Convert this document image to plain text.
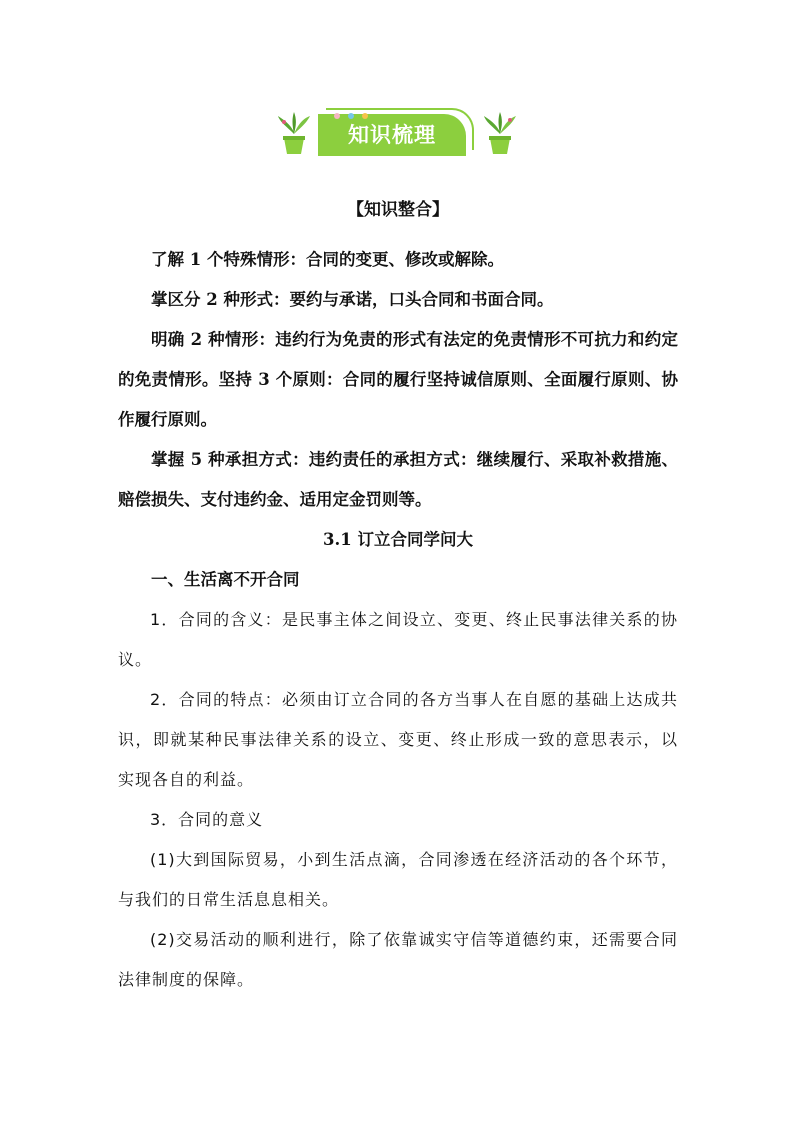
知识梳理

【知识整合】

了解 1 个特殊情形：合同的变更、修改或解除。

掌区分 2 种形式：要约与承诺，口头合同和书面合同。

明确 2 种情形：违约行为免责的形式有法定的免责情形不可抗力和约定的免责情形。坚持 3 个原则：合同的履行坚持诚信原则、全面履行原则、协作履行原则。

掌握 5 种承担方式：违约责任的承担方式：继续履行、采取补救措施、赔偿损失、支付违约金、适用定金罚则等。

3.1 订立合同学问大

一、生活离不开合同

1．合同的含义：是民事主体之间设立、变更、终止民事法律关系的协议。

2．合同的特点：必须由订立合同的各方当事人在自愿的基础上达成共识，即就某种民事法律关系的设立、变更、终止形成一致的意思表示，以实现各自的利益。

3．合同的意义

(1)大到国际贸易，小到生活点滴，合同渗透在经济活动的各个环节，与我们的日常生活息息相关。

(2)交易活动的顺利进行，除了依靠诚实守信等道德约束，还需要合同法律制度的保障。
